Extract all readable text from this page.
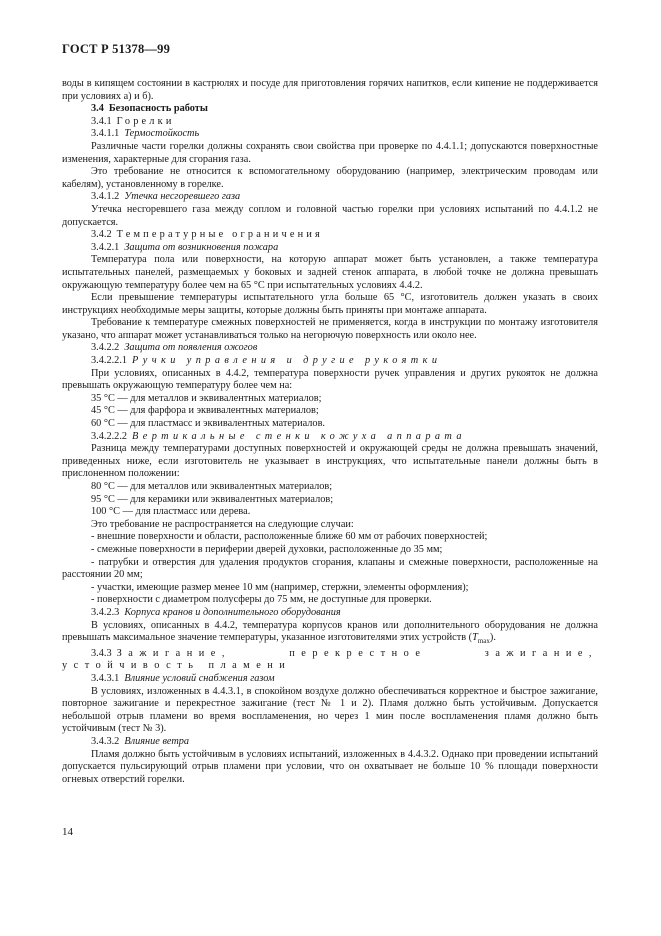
ГОСТ Р 51378—99

воды в кипящем состоянии в кастрюлях и посуде для приготовления горячих напитков, если кипение не поддерживается при условиях а) и б).

3.4 Безопасность работы

3.4.1 Горелки

3.4.1.1 Термостойкость

Различные части горелки должны сохранять свои свойства при проверке по 4.4.1.1; допускаются поверхностные изменения, характерные для сгорания газа.

Это требование не относится к вспомогательному оборудованию (например, электрическим проводам или кабелям), установленному в горелке.

3.4.1.2 Утечка несгоревшего газа

Утечка несгоревшего газа между соплом и головной частью горелки при условиях испытаний по 4.4.1.2 не допускается.

3.4.2 Температурные ограничения

3.4.2.1 Защита от возникновения пожара

Температура пола или поверхности, на которую аппарат может быть установлен, а также температура испытательных панелей, размещаемых у боковых и задней стенок аппарата, в любой точке не должна превышать окружающую температуру более чем на 65 °С при испытательных условиях 4.4.2.

Если превышение температуры испытательного угла больше 65 °С, изготовитель должен указать в своих инструкциях необходимые меры защиты, которые должны быть приняты при монтаже аппарата.

Требование к температуре смежных поверхностей не применяется, когда в инструкции по монтажу изготовителя указано, что аппарат может устанавливаться только на негорючую поверхность или около нее.

3.4.2.2 Защита от появления ожогов

3.4.2.2.1 Ручки управления и другие рукоятки

При условиях, описанных в 4.4.2, температура поверхности ручек управления и других рукояток не должна превышать окружающую температуру более чем на:

35 °С — для металлов и эквивалентных материалов;

45 °С — для фарфора и эквивалентных материалов;

60 °С — для пластмасс и эквивалентных материалов.

3.4.2.2.2 Вертикальные стенки кожуха аппарата

Разница между температурами доступных поверхностей и окружающей среды не должна превышать значений, приведенных ниже, если изготовитель не указывает в инструкциях, что испытательные панели должны быть в прислоненном положении:

80 °С — для металлов или эквивалентных материалов;

95 °С — для керамики или эквивалентных материалов;

100 °С — для пластмасс или дерева.

Это требование не распространяется на следующие случаи:

- внешние поверхности и области, расположенные ближе 60 мм от рабочих поверхностей;

- смежные поверхности в периферии дверей духовки, расположенные до 35 мм;

- патрубки и отверстия для удаления продуктов сгорания, клапаны и смежные поверхности, расположенные на расстоянии 20 мм;

- участки, имеющие размер менее 10 мм (например, стержни, элементы оформления);

- поверхности с диаметром полусферы до 75 мм, не доступные для проверки.

3.4.2.3 Корпуса кранов и дополнительного оборудования

В условиях, описанных в 4.4.2, температура корпусов кранов или дополнительного оборудования не должна превышать максимальное значение температуры, указанное изготовителями этих устройств $(T_{max})$.

3.4.3 Зажигание, перекрестное зажигание, устойчивость пламени

3.4.3.1 Влияние условий снабжения газом

В условиях, изложенных в 4.4.3.1, в спокойном воздухе должно обеспечиваться корректное и быстрое зажигание, повторное зажигание и перекрестное зажигание (тест № 1 и 2). Пламя должно быть устойчивым. Допускается небольшой отрыв пламени во время воспламенения, но через 1 мин после воспламенения пламя должно быть устойчивым (тест № 3).

3.4.3.2 Влияние ветра

Пламя должно быть устойчивым в условиях испытаний, изложенных в 4.4.3.2. Однако при проведении испытаний допускается пульсирующий отрыв пламени при условии, что он охватывает не больше 10 % площади поверхности огневых отверстий горелки.

14
